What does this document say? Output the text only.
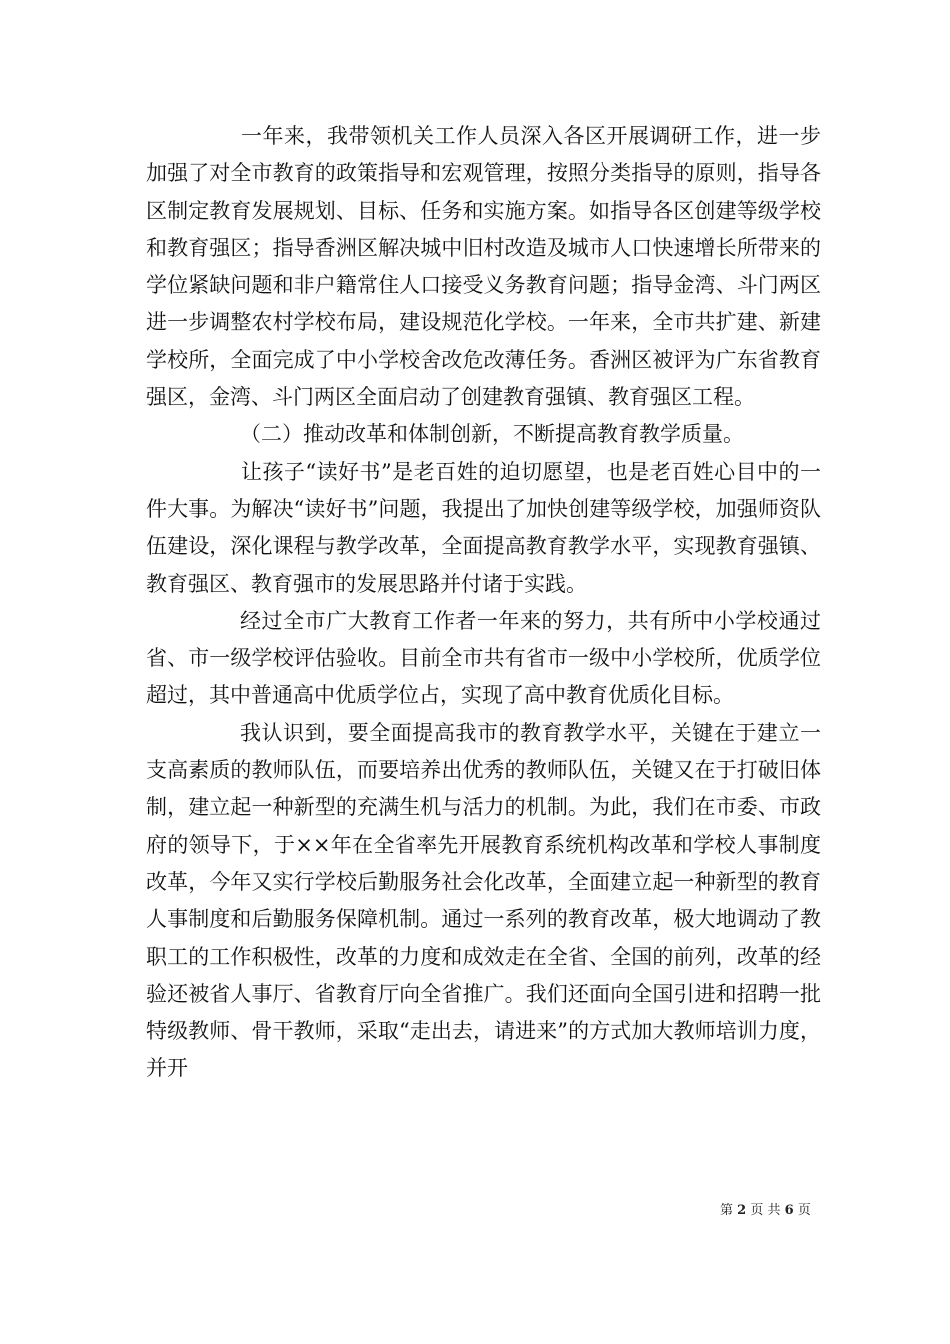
一年来，我带领机关工作人员深入各区开展调研工作，进一步加强了对全市教育的政策指导和宏观管理，按照分类指导的原则，指导各区制定教育发展规划、目标、任务和实施方案。如指导各区创建等级学校和教育强区；指导香洲区解决城中旧村改造及城市人口快速增长所带来的学位紧缺问题和非户籍常住人口接受义务教育问题；指导金湾、斗门两区进一步调整农村学校布局，建设规范化学校。一年来，全市共扩建、新建学校所，全面完成了中小学校舍改危改薄任务。香洲区被评为广东省教育强区，金湾、斗门两区全面启动了创建教育强镇、教育强区工程。

（二）推动改革和体制创新，不断提高教育教学质量。

让孩子“读好书”是老百姓的迫切愿望，也是老百姓心目中的一件大事。为解决“读好书”问题，我提出了加快创建等级学校，加强师资队伍建设，深化课程与教学改革，全面提高教育教学水平，实现教育强镇、教育强区、教育强市的发展思路并付诸于实践。

经过全市广大教育工作者一年来的努力，共有所中小学校通过省、市一级学校评估验收。目前全市共有省市一级中小学校所，优质学位超过，其中普通高中优质学位占，实现了高中教育优质化目标。

我认识到，要全面提高我市的教育教学水平，关键在于建立一支高素质的教师队伍，而要培养出优秀的教师队伍，关键又在于打破旧体制，建立起一种新型的充满生机与活力的机制。为此，我们在市委、市政府的领导下，于××年在全省率先开展教育系统机构改革和学校人事制度改革，今年又实行学校后勤服务社会化改革，全面建立起一种新型的教育人事制度和后勤服务保障机制。通过一系列的教育改革，极大地调动了教职工的工作积极性，改革的力度和成效走在全省、全国的前列，改革的经验还被省人事厅、省教育厅向全省推广。我们还面向全国引进和招聘一批特级教师、骨干教师，采取“走出去，请进来”的方式加大教师培训力度，并开

第 2 页 共 6 页
